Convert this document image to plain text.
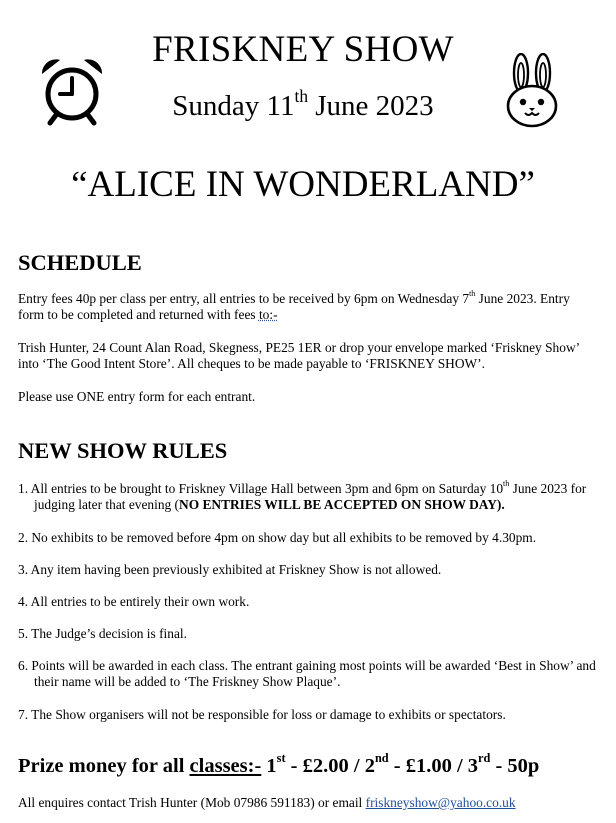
FRISKNEY SHOW
Sunday 11th June 2023
“ALICE IN WONDERLAND”
SCHEDULE
Entry fees 40p per class per entry, all entries to be received by 6pm on Wednesday 7th June 2023. Entry
form to be completed and returned with fees to:-
Trish Hunter, 24 Count Alan Road, Skegness, PE25 1ER or drop your envelope marked ‘Friskney Show’
into ‘The Good Intent Store’. All cheques to be made payable to ‘FRISKNEY SHOW’.
Please use ONE entry form for each entrant.
NEW SHOW RULES
1. All entries to be brought to Friskney Village Hall between 3pm and 6pm on Saturday 10th June 2023 for judging later that evening (NO ENTRIES WILL BE ACCEPTED ON SHOW DAY).
2. No exhibits to be removed before 4pm on show day but all exhibits to be removed by 4.30pm.
3. Any item having been previously exhibited at Friskney Show is not allowed.
4. All entries to be entirely their own work.
5. The Judge’s decision is final.
6. Points will be awarded in each class. The entrant gaining most points will be awarded ‘Best in Show’ and their name will be added to ‘The Friskney Show Plaque’.
7. The Show organisers will not be responsible for loss or damage to exhibits or spectators.
Prize money for all classes:- 1st - £2.00 / 2nd - £1.00 / 3rd - 50p
All enquires contact Trish Hunter (Mob 07986 591183) or email friskneyshow@yahoo.co.uk
